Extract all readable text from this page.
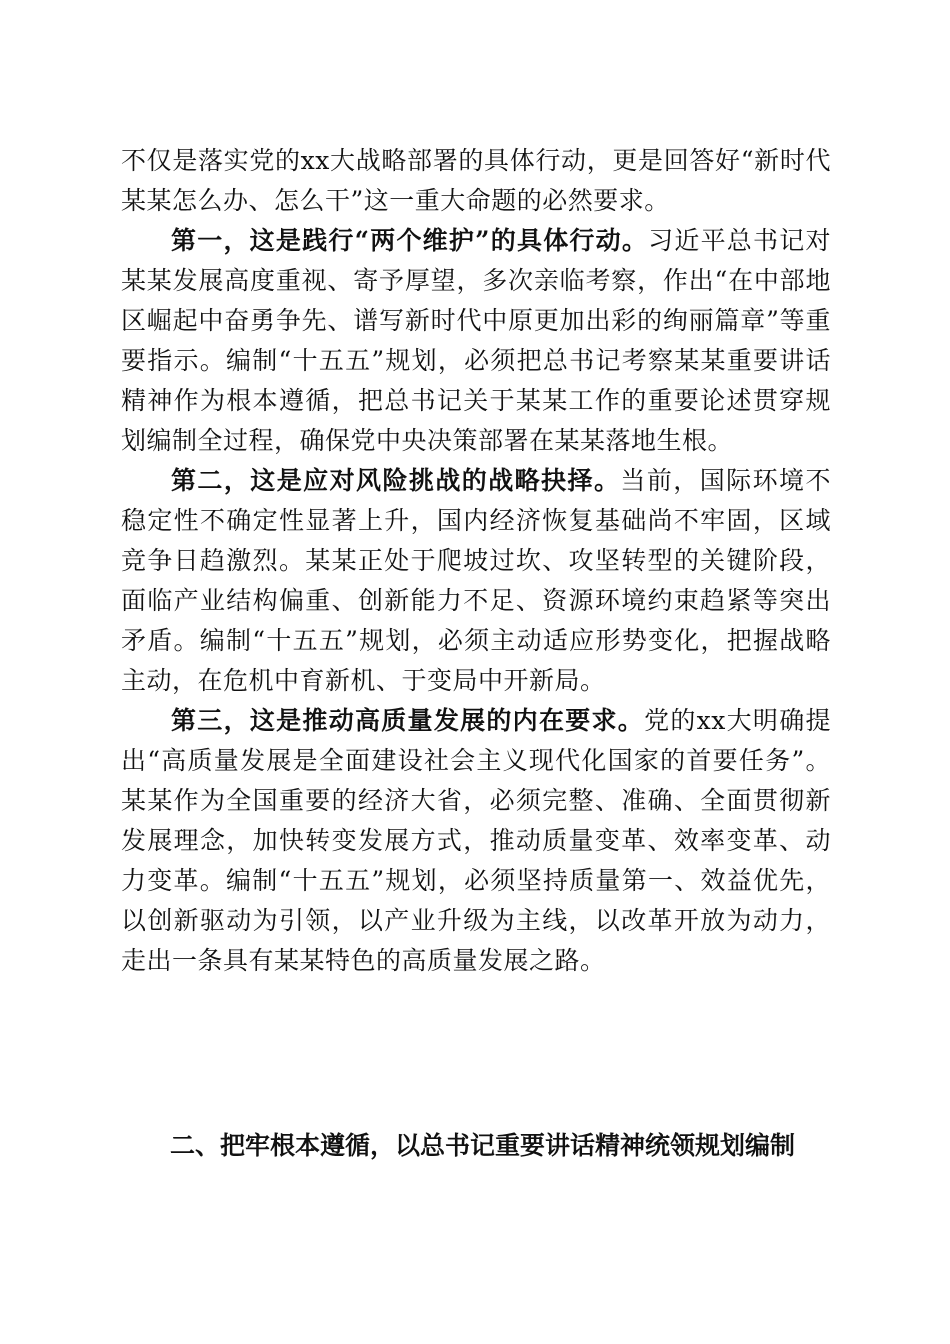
不仅是落实党的xx大战略部署的具体行动，更是回答好“新时代某某怎么办、怎么干”这一重大命题的必然要求。

第一，这是践行“两个维护”的具体行动。习近平总书记对某某发展高度重视、寄予厚望，多次亲临考察，作出“在中部地区崛起中奋勇争先、谱写新时代中原更加出彩的绚丽篇章”等重要指示。编制“十五五”规划，必须把总书记考察某某重要讲话精神作为根本遵循，把总书记关于某某工作的重要论述贯穿规划编制全过程，确保党中央决策部署在某某落地生根。

第二，这是应对风险挑战的战略抉择。当前，国际环境不稳定性不确定性显著上升，国内经济恢复基础尚不牢固，区域竞争日趋激烈。某某正处于爬坡过坎、攻坚转型的关键阶段，面临产业结构偏重、创新能力不足、资源环境约束趋紧等突出矛盾。编制“十五五”规划，必须主动适应形势变化，把握战略主动，在危机中育新机、于变局中开新局。

第三，这是推动高质量发展的内在要求。党的xx大明确提出“高质量发展是全面建设社会主义现代化国家的首要任务”。某某作为全国重要的经济大省，必须完整、准确、全面贯彻新发展理念，加快转变发展方式，推动质量变革、效率变革、动力变革。编制“十五五”规划，必须坚持质量第一、效益优先，以创新驱动为引领，以产业升级为主线，以改革开放为动力，走出一条具有某某特色的高质量发展之路。

二、把牢根本遵循，以总书记重要讲话精神统领规划编制
